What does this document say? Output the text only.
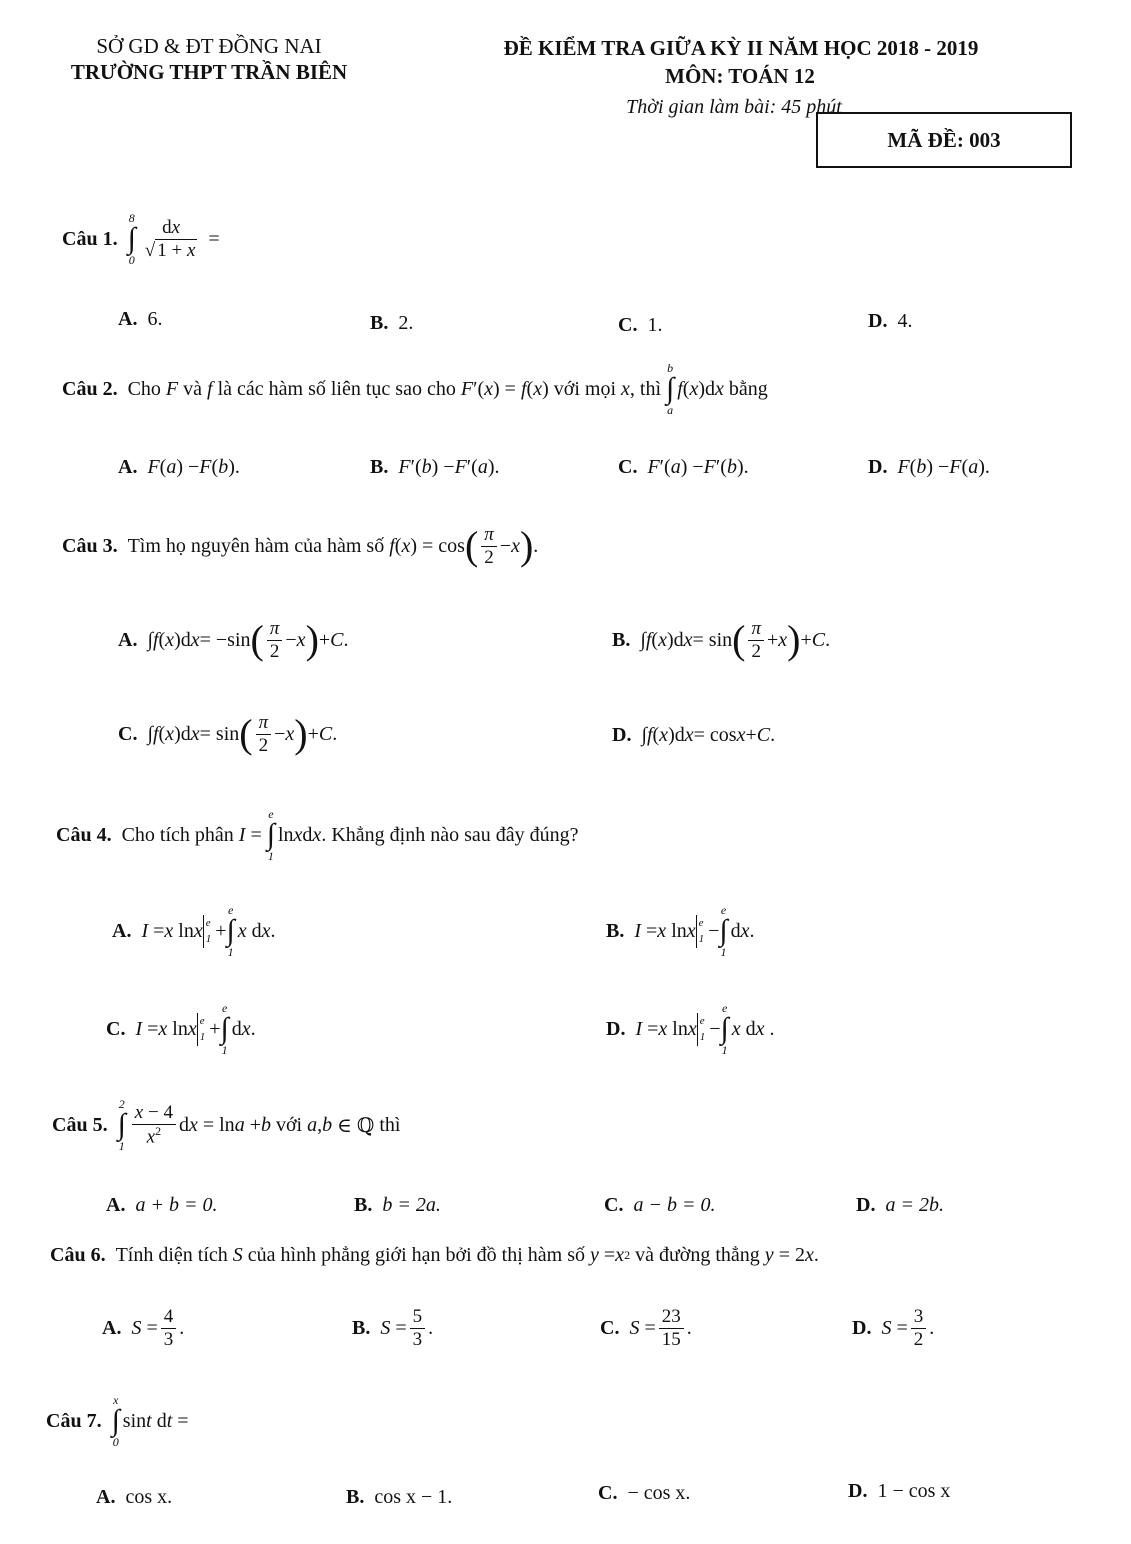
SỞ GD & ĐT ĐỒNG NAI
TRƯỜNG THPT TRẦN BIÊN
ĐỀ KIỂM TRA GIỮA KỲ II NĂM HỌC 2018 - 2019
MÔN: TOÁN 12
Thời gian làm bài: 45 phút
MÃ ĐỀ: 003
Câu 1.
8
∫
$0 \frac{dx}{√ 1 + x}$ =
A. 6.	B. 2.	C. 1.	D. 4.
Câu 2. Cho
F
và
f
là các hàm số liên tục sao cho
F′(x) = f(x)
với mọi
x , thì

b
∫
a
f(x)dx
bằng
A. F ( a ) − F ( b ).	B. F ′( b ) − F ′( a ).	C. F ′( a ) − F ′( b ).	D. F ( b ) − F ( a ).
Câu 3. Tìm họ nguyên hàm của hàm số
f ( x ) = cos ( $\frac{\pi}{2} - x$ ) .
A. ∫ f ( x )d x = −sin ( $\frac{\pi}{2} - x$ ) + C .	B. ∫ f ( x )d x = sin ( $\frac{\pi}{2} + x$ ) + C .
C. ∫ f ( x )d x = sin ( $\frac{\pi}{2} - x$ ) + C .	D. ∫ f ( x )d x = cos x + C .
Câu 4. Cho tích phân
I =
e
∫
1
ln x d x . Khẳng định nào sau đây đúng?
A. I = x ln x e
1 +
e
∫
1
x d x .	B. I = x ln x e
1 −
e
∫
1
d x .
C. I = x ln x e
1 +
e
∫
1
d x .	D. I = x ln x e
1 −
e
∫
1
x d x .
Câu 5.
2
∫
$1 \frac{x - 4}{x^2}$ d x = ln a + b
với
a , b ∈ ℚ thì
A. a + b = 0.	B. b = 2a.	C. a − b = 0.	D. a = 2b.
Câu 6. Tính diện tích
S
của hình phẳng giới hạn bởi đồ thị hàm số
y = x 2
và đường thẳng
y = 2 x .
A. $S = \frac{4}{3}$ .	B. $S = \frac{5}{3}$ .	C. $S = \frac{23}{15}$ .	D. $S = \frac{3}{2}$ .
Câu 7.
x
∫
0
sin t d t =
A. cos x.	B. cos x − 1.	C. − cos x.	D. 1 − cos x
